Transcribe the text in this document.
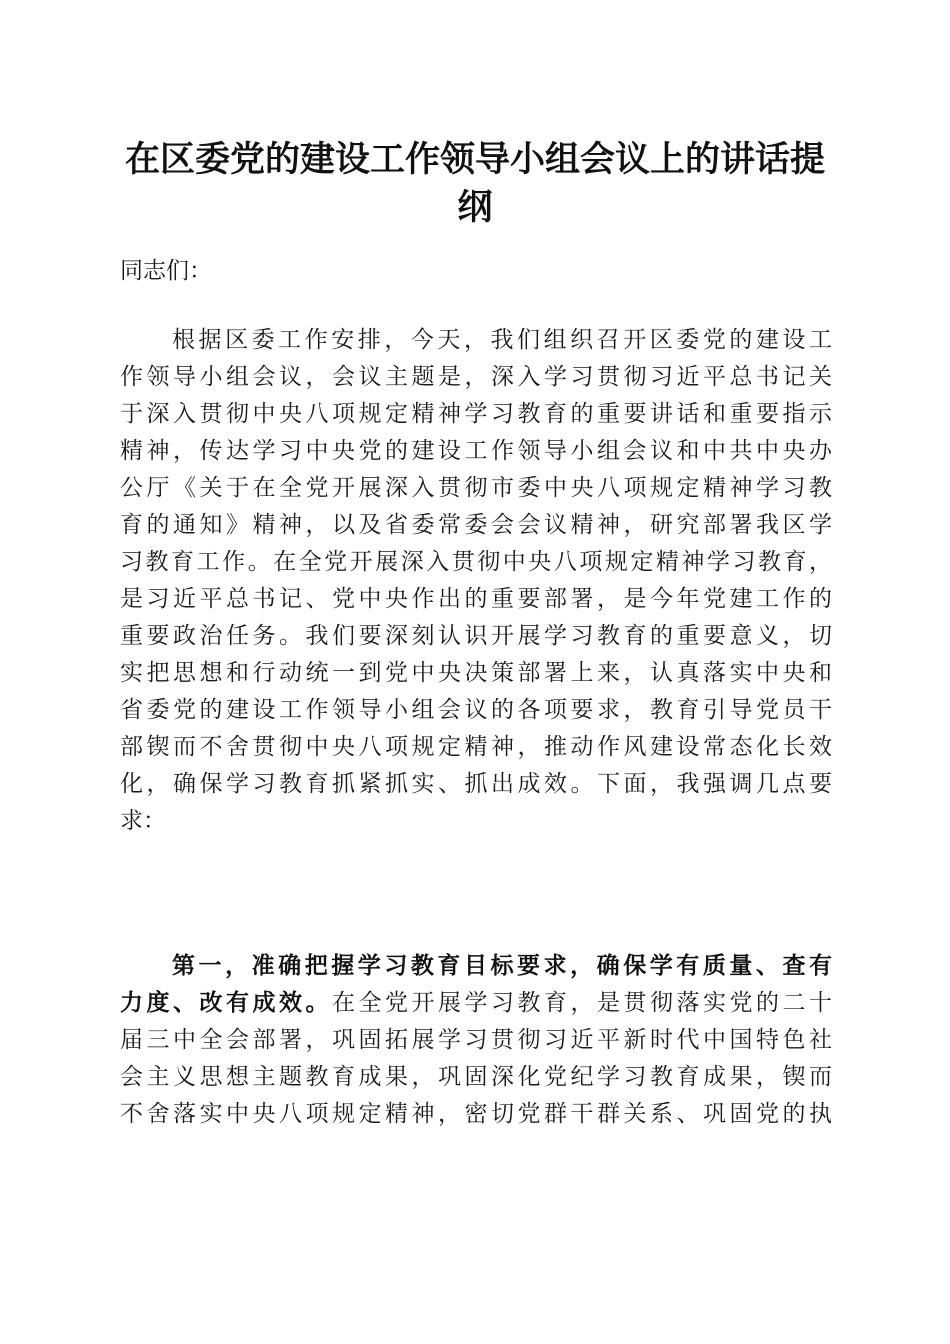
在区委党的建设工作领导小组会议上的讲话提
纲
同志们：
根据区委工作安排，今天，我们组织召开区委党的建设工
作领导小组会议，会议主题是，深入学习贯彻习近平总书记关
于深入贯彻中央八项规定精神学习教育的重要讲话和重要指示
精神，传达学习中央党的建设工作领导小组会议和中共中央办
公厅《关于在全党开展深入贯彻市委中央八项规定精神学习教
育的通知》精神，以及省委常委会会议精神，研究部署我区学
习教育工作。在全党开展深入贯彻中央八项规定精神学习教育，
是习近平总书记、党中央作出的重要部署，是今年党建工作的
重要政治任务。我们要深刻认识开展学习教育的重要意义，切
实把思想和行动统一到党中央决策部署上来，认真落实中央和
省委党的建设工作领导小组会议的各项要求，教育引导党员干
部锲而不舍贯彻中央八项规定精神，推动作风建设常态化长效
化，确保学习教育抓紧抓实、抓出成效。下面，我强调几点要
求：
第一，准确把握学习教育目标要求，确保学有质量、查有
力度、改有成效。在全党开展学习教育，是贯彻落实党的二十
届三中全会部署，巩固拓展学习贯彻习近平新时代中国特色社
会主义思想主题教育成果，巩固深化党纪学习教育成果，锲而
不舍落实中央八项规定精神，密切党群干群关系、巩固党的执
